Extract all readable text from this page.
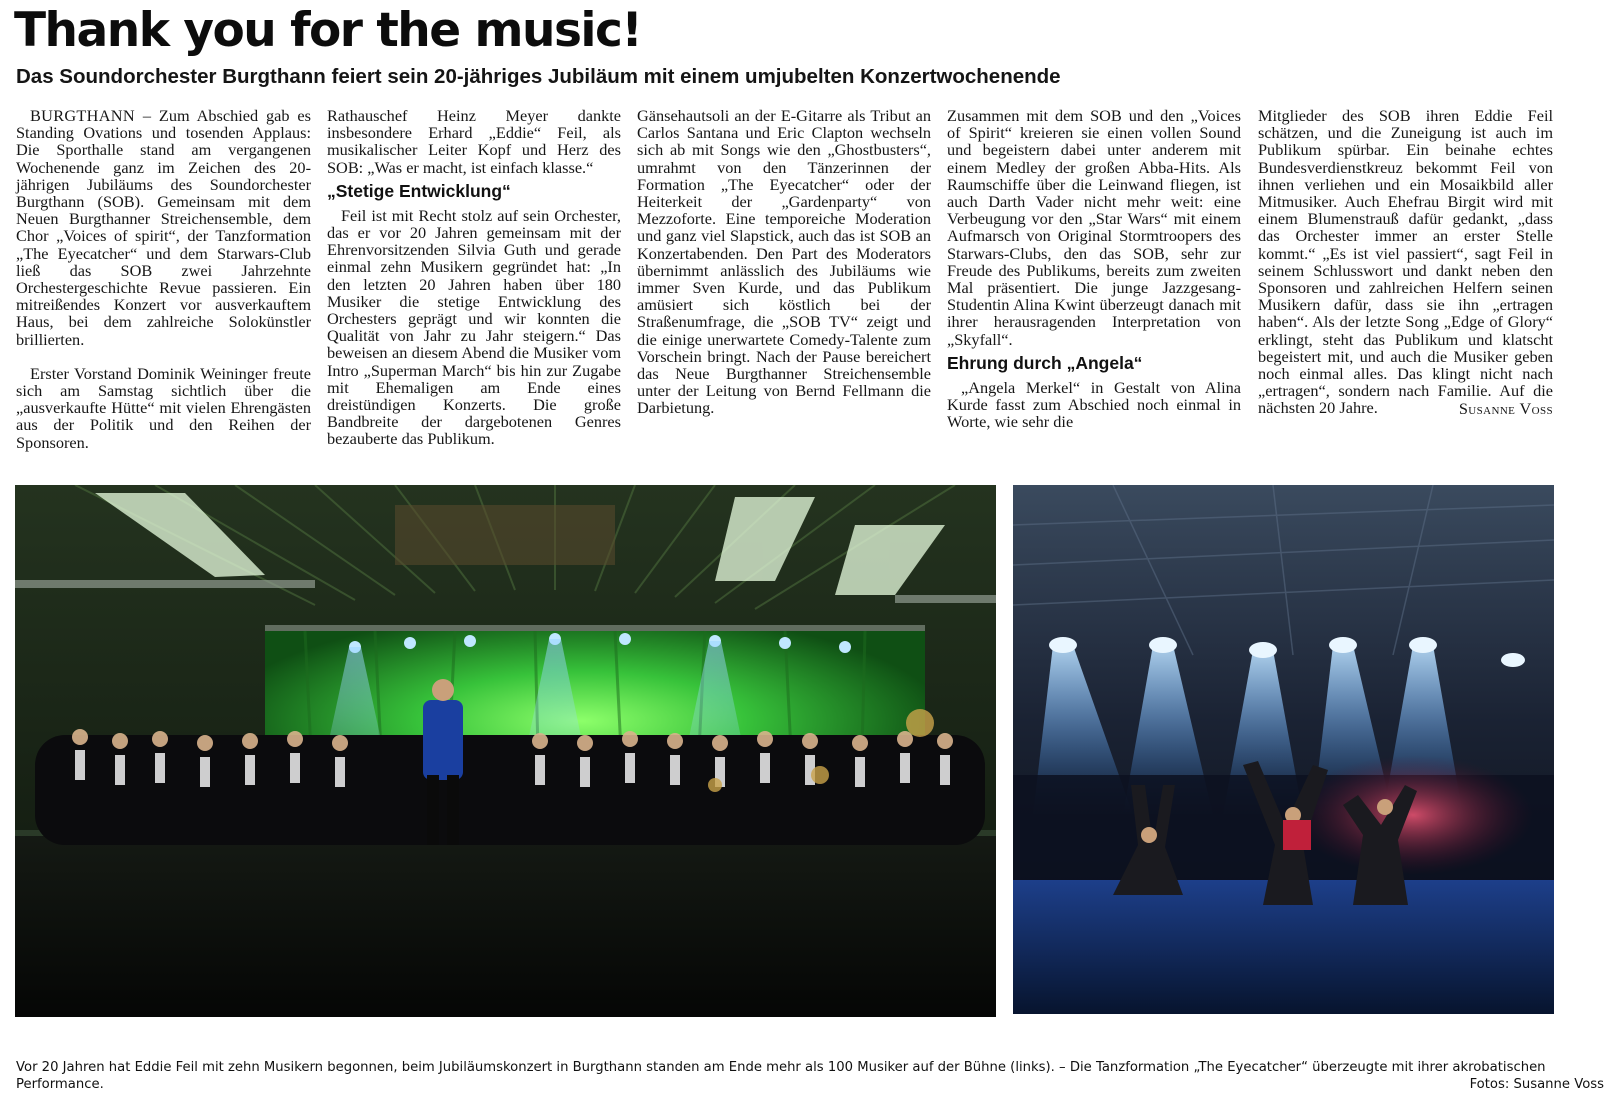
Thank you for the music!
Das Soundorchester Burgthann feiert sein 20-jähriges Jubiläum mit einem umjubelten Konzertwochenende

BURGTHANN – Zum Abschied gab es Standing Ovations und tosenden Applaus: Die Sporthalle stand am vergangenen Wochenende ganz im Zeichen des 20-jährigen Jubiläums des Soundorchester Burgthann (SOB). Gemeinsam mit dem Neuen Burgthanner Streichensemble, dem Chor „Voices of spirit“, der Tanzformation „The Eyecatcher“ und dem Starwars-Club ließ das SOB zwei Jahrzehnte Orchestergeschichte Revue passieren. Ein mitreißendes Konzert vor ausverkauftem Haus, bei dem zahlreiche Solokünstler brillierten.

Erster Vorstand Dominik Weininger freute sich am Samstag sichtlich über die „ausverkaufte Hütte“ mit vielen Ehrengästen aus der Politik und den Reihen der Sponsoren.

Rathauschef Heinz Meyer dankte insbesondere Erhard „Eddie“ Feil, als musikalischer Leiter Kopf und Herz des SOB: „Was er macht, ist einfach klasse.“

„Stetige Entwicklung“

Feil ist mit Recht stolz auf sein Orchester, das er vor 20 Jahren gemeinsam mit der Ehrenvorsitzenden Silvia Guth und gerade einmal zehn Musikern gegründet hat: „In den letzten 20 Jahren haben über 180 Musiker die stetige Entwicklung des Orchesters geprägt und wir konnten die Qualität von Jahr zu Jahr steigern.“ Das beweisen an diesem Abend die Musiker vom Intro „Superman March“ bis hin zur Zugabe mit Ehemaligen am Ende eines dreistündigen Konzerts. Die große Bandbreite der dargebotenen Genres bezauberte das Publikum.

Gänsehautsoli an der E-Gitarre als Tribut an Carlos Santana und Eric Clapton wechseln sich ab mit Songs wie den „Ghostbusters“, umrahmt von den Tänzerinnen der Formation „The Eyecatcher“ oder der Heiterkeit der „Gardenparty“ von Mezzoforte. Eine temporeiche Moderation und ganz viel Slapstick, auch das ist SOB an Konzertabenden. Den Part des Moderators übernimmt anlässlich des Jubiläums wie immer Sven Kurde, und das Publikum amüsiert sich köstlich bei der Straßenumfrage, die „SOB TV“ zeigt und die einige unerwartete Comedy-Talente zum Vorschein bringt. Nach der Pause bereichert das Neue Burgthanner Streichensemble unter der Leitung von Bernd Fellmann die Darbietung.

Zusammen mit dem SOB und den „Voices of Spirit“ kreieren sie einen vollen Sound und begeistern dabei unter anderem mit einem Medley der großen Abba-Hits. Als Raumschiffe über die Leinwand fliegen, ist auch Darth Vader nicht mehr weit: eine Verbeugung vor den „Star Wars“ mit einem Aufmarsch von Original Stormtroopers des Starwars-Clubs, den das SOB, sehr zur Freude des Publikums, bereits zum zweiten Mal präsentiert. Die junge Jazzgesang-Studentin Alina Kwint überzeugt danach mit ihrer herausragenden Interpretation von „Skyfall“.

Ehrung durch „Angela“

„Angela Merkel“ in Gestalt von Alina Kurde fasst zum Abschied noch einmal in Worte, wie sehr die

Mitglieder des SOB ihren Eddie Feil schätzen, und die Zuneigung ist auch im Publikum spürbar. Ein beinahe echtes Bundesverdienstkreuz bekommt Feil von ihnen verliehen und ein Mosaikbild aller Mitmusiker. Auch Ehefrau Birgit wird mit einem Blumenstrauß dafür gedankt, „dass das Orchester immer an erster Stelle kommt.“ „Es ist viel passiert“, sagt Feil in seinem Schlusswort und dankt neben den Sponsoren und zahlreichen Helfern seinen Musikern dafür, dass sie ihn „ertragen haben“. Als der letzte Song „Edge of Glory“ erklingt, steht das Publikum und klatscht begeistert mit, und auch die Musiker geben noch einmal alles. Das klingt nicht nach „ertragen“, sondern nach Familie. Auf die nächsten 20 Jahre.	Susanne Voss

Vor 20 Jahren hat Eddie Feil mit zehn Musikern begonnen, beim Jubiläumskonzert in Burgthann standen am Ende mehr als 100 Musiker auf der Bühne (links). – Die Tanzformation „The Eyecatcher“ überzeugte mit ihrer akrobatischen Performance.	Fotos: Susanne Voss
